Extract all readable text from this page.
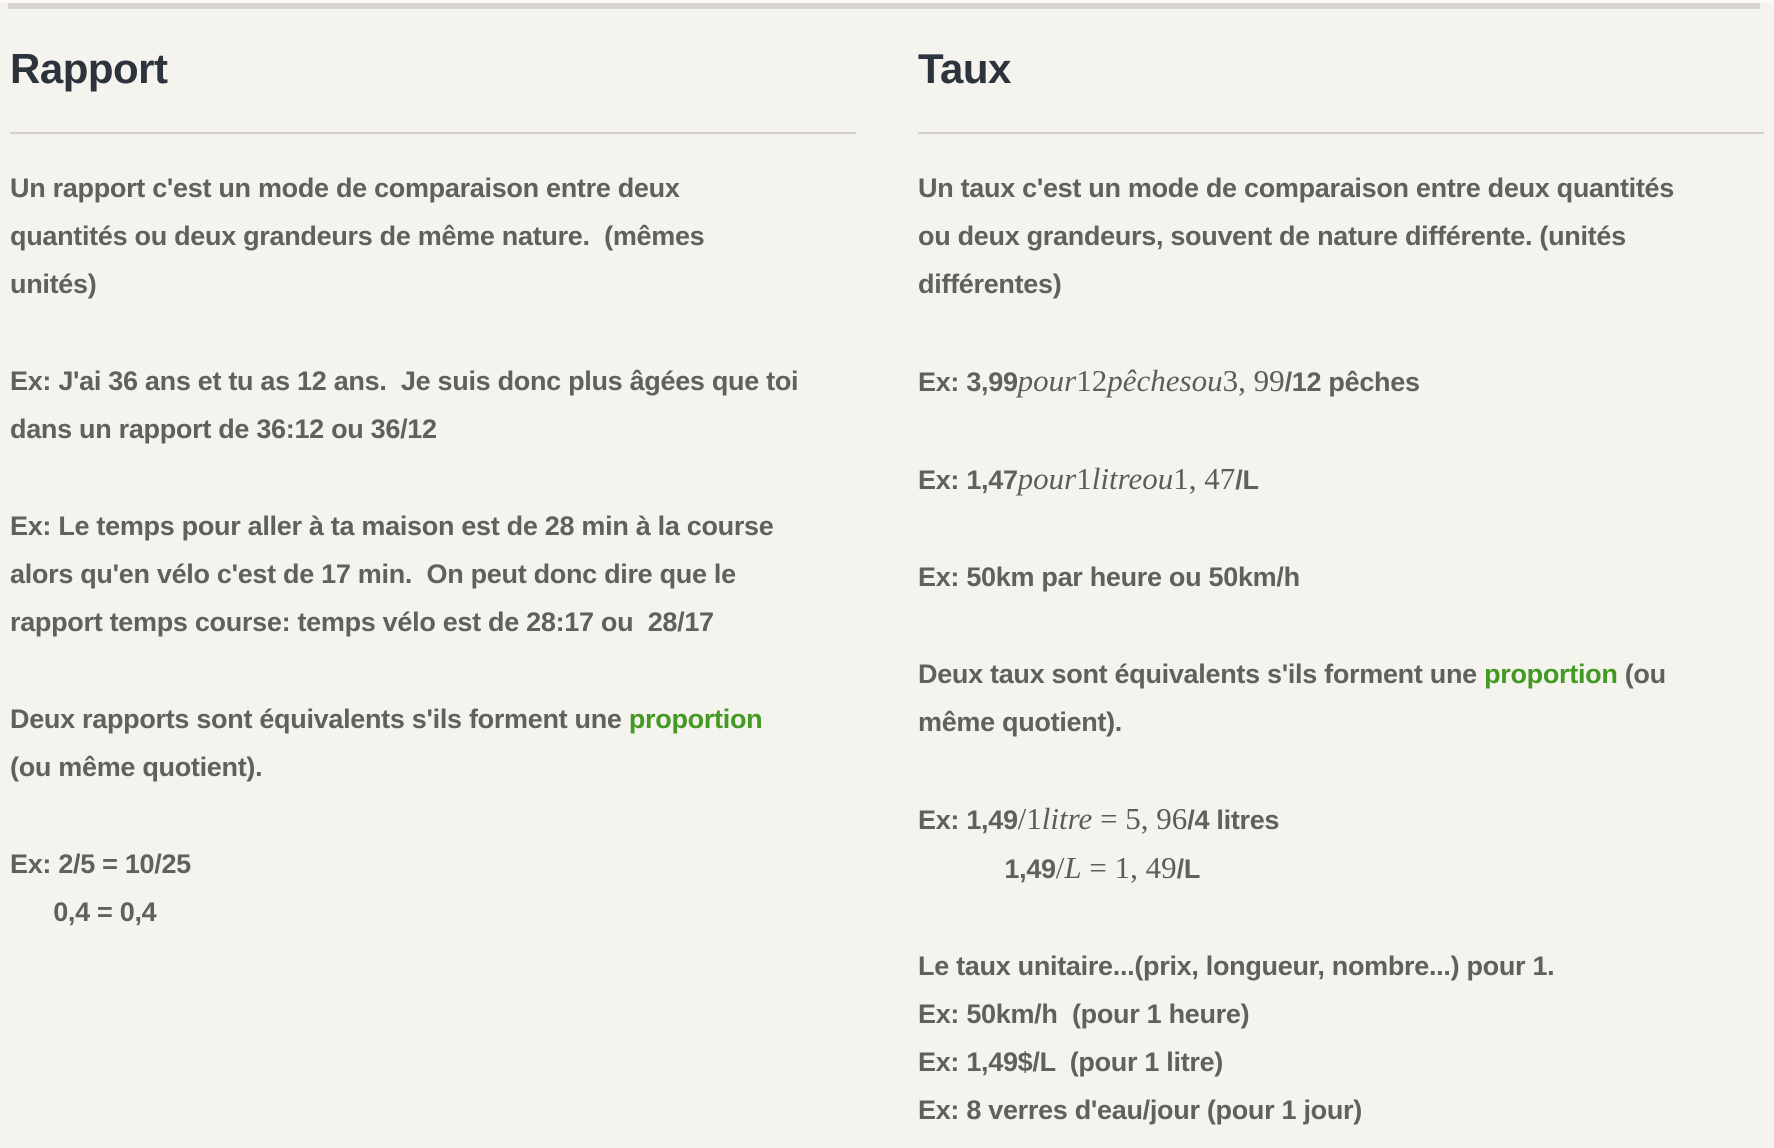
Rapport

Un rapport c'est un mode de comparaison entre deux
quantités ou deux grandeurs de même nature.  (mêmes
unités)

Ex: J'ai 36 ans et tu as 12 ans.  Je suis donc plus âgées que toi
dans un rapport de 36:12 ou 36/12

Ex: Le temps pour aller à ta maison est de 28 min à la course
alors qu'en vélo c'est de 17 min.  On peut donc dire que le
rapport temps course: temps vélo est de 28:17 ou  28/17

Deux rapports sont équivalents s'ils forment une proportion
(ou même quotient).

Ex: 2/5 = 10/25
0,4 = 0,4

Taux

Un taux c'est un mode de comparaison entre deux quantités
ou deux grandeurs, souvent de nature différente. (unités
différentes)

Ex: 3,99pour12pêchesou3, 99/12 pêches

Ex: 1,47pour1litreou1, 47/L

Ex: 50km par heure ou 50km/h

Deux taux sont équivalents s'ils forment une proportion (ou
même quotient).

Ex: 1,49/1litre = 5, 96/4 litres
1,49/L = 1, 49/L

Le taux unitaire...(prix, longueur, nombre...) pour 1.
Ex: 50km/h  (pour 1 heure)
Ex: 1,49$/L  (pour 1 litre)
Ex: 8 verres d'eau/jour (pour 1 jour)
